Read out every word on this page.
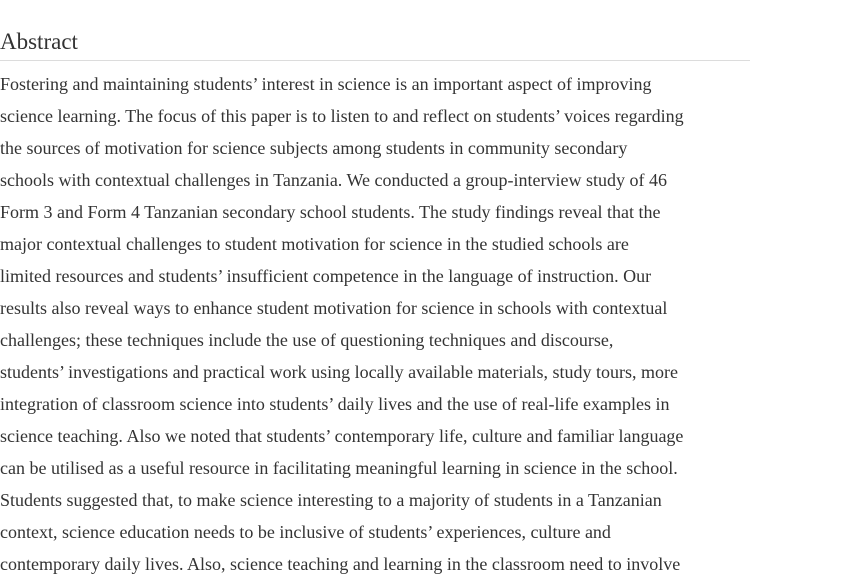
Abstract
Fostering and maintaining students’ interest in science is an important aspect of improving
science learning. The focus of this paper is to listen to and reflect on students’ voices regarding
the sources of motivation for science subjects among students in community secondary
schools with contextual challenges in Tanzania. We conducted a group-interview study of 46
Form 3 and Form 4 Tanzanian secondary school students. The study findings reveal that the
major contextual challenges to student motivation for science in the studied schools are
limited resources and students’ insufficient competence in the language of instruction. Our
results also reveal ways to enhance student motivation for science in schools with contextual
challenges; these techniques include the use of questioning techniques and discourse,
students’ investigations and practical work using locally available materials, study tours, more
integration of classroom science into students’ daily lives and the use of real-life examples in
science teaching. Also we noted that students’ contemporary life, culture and familiar language
can be utilised as a useful resource in facilitating meaningful learning in science in the school.
Students suggested that, to make science interesting to a majority of students in a Tanzanian
context, science education needs to be inclusive of students’ experiences, culture and
contemporary daily lives. Also, science teaching and learning in the classroom need to involve
